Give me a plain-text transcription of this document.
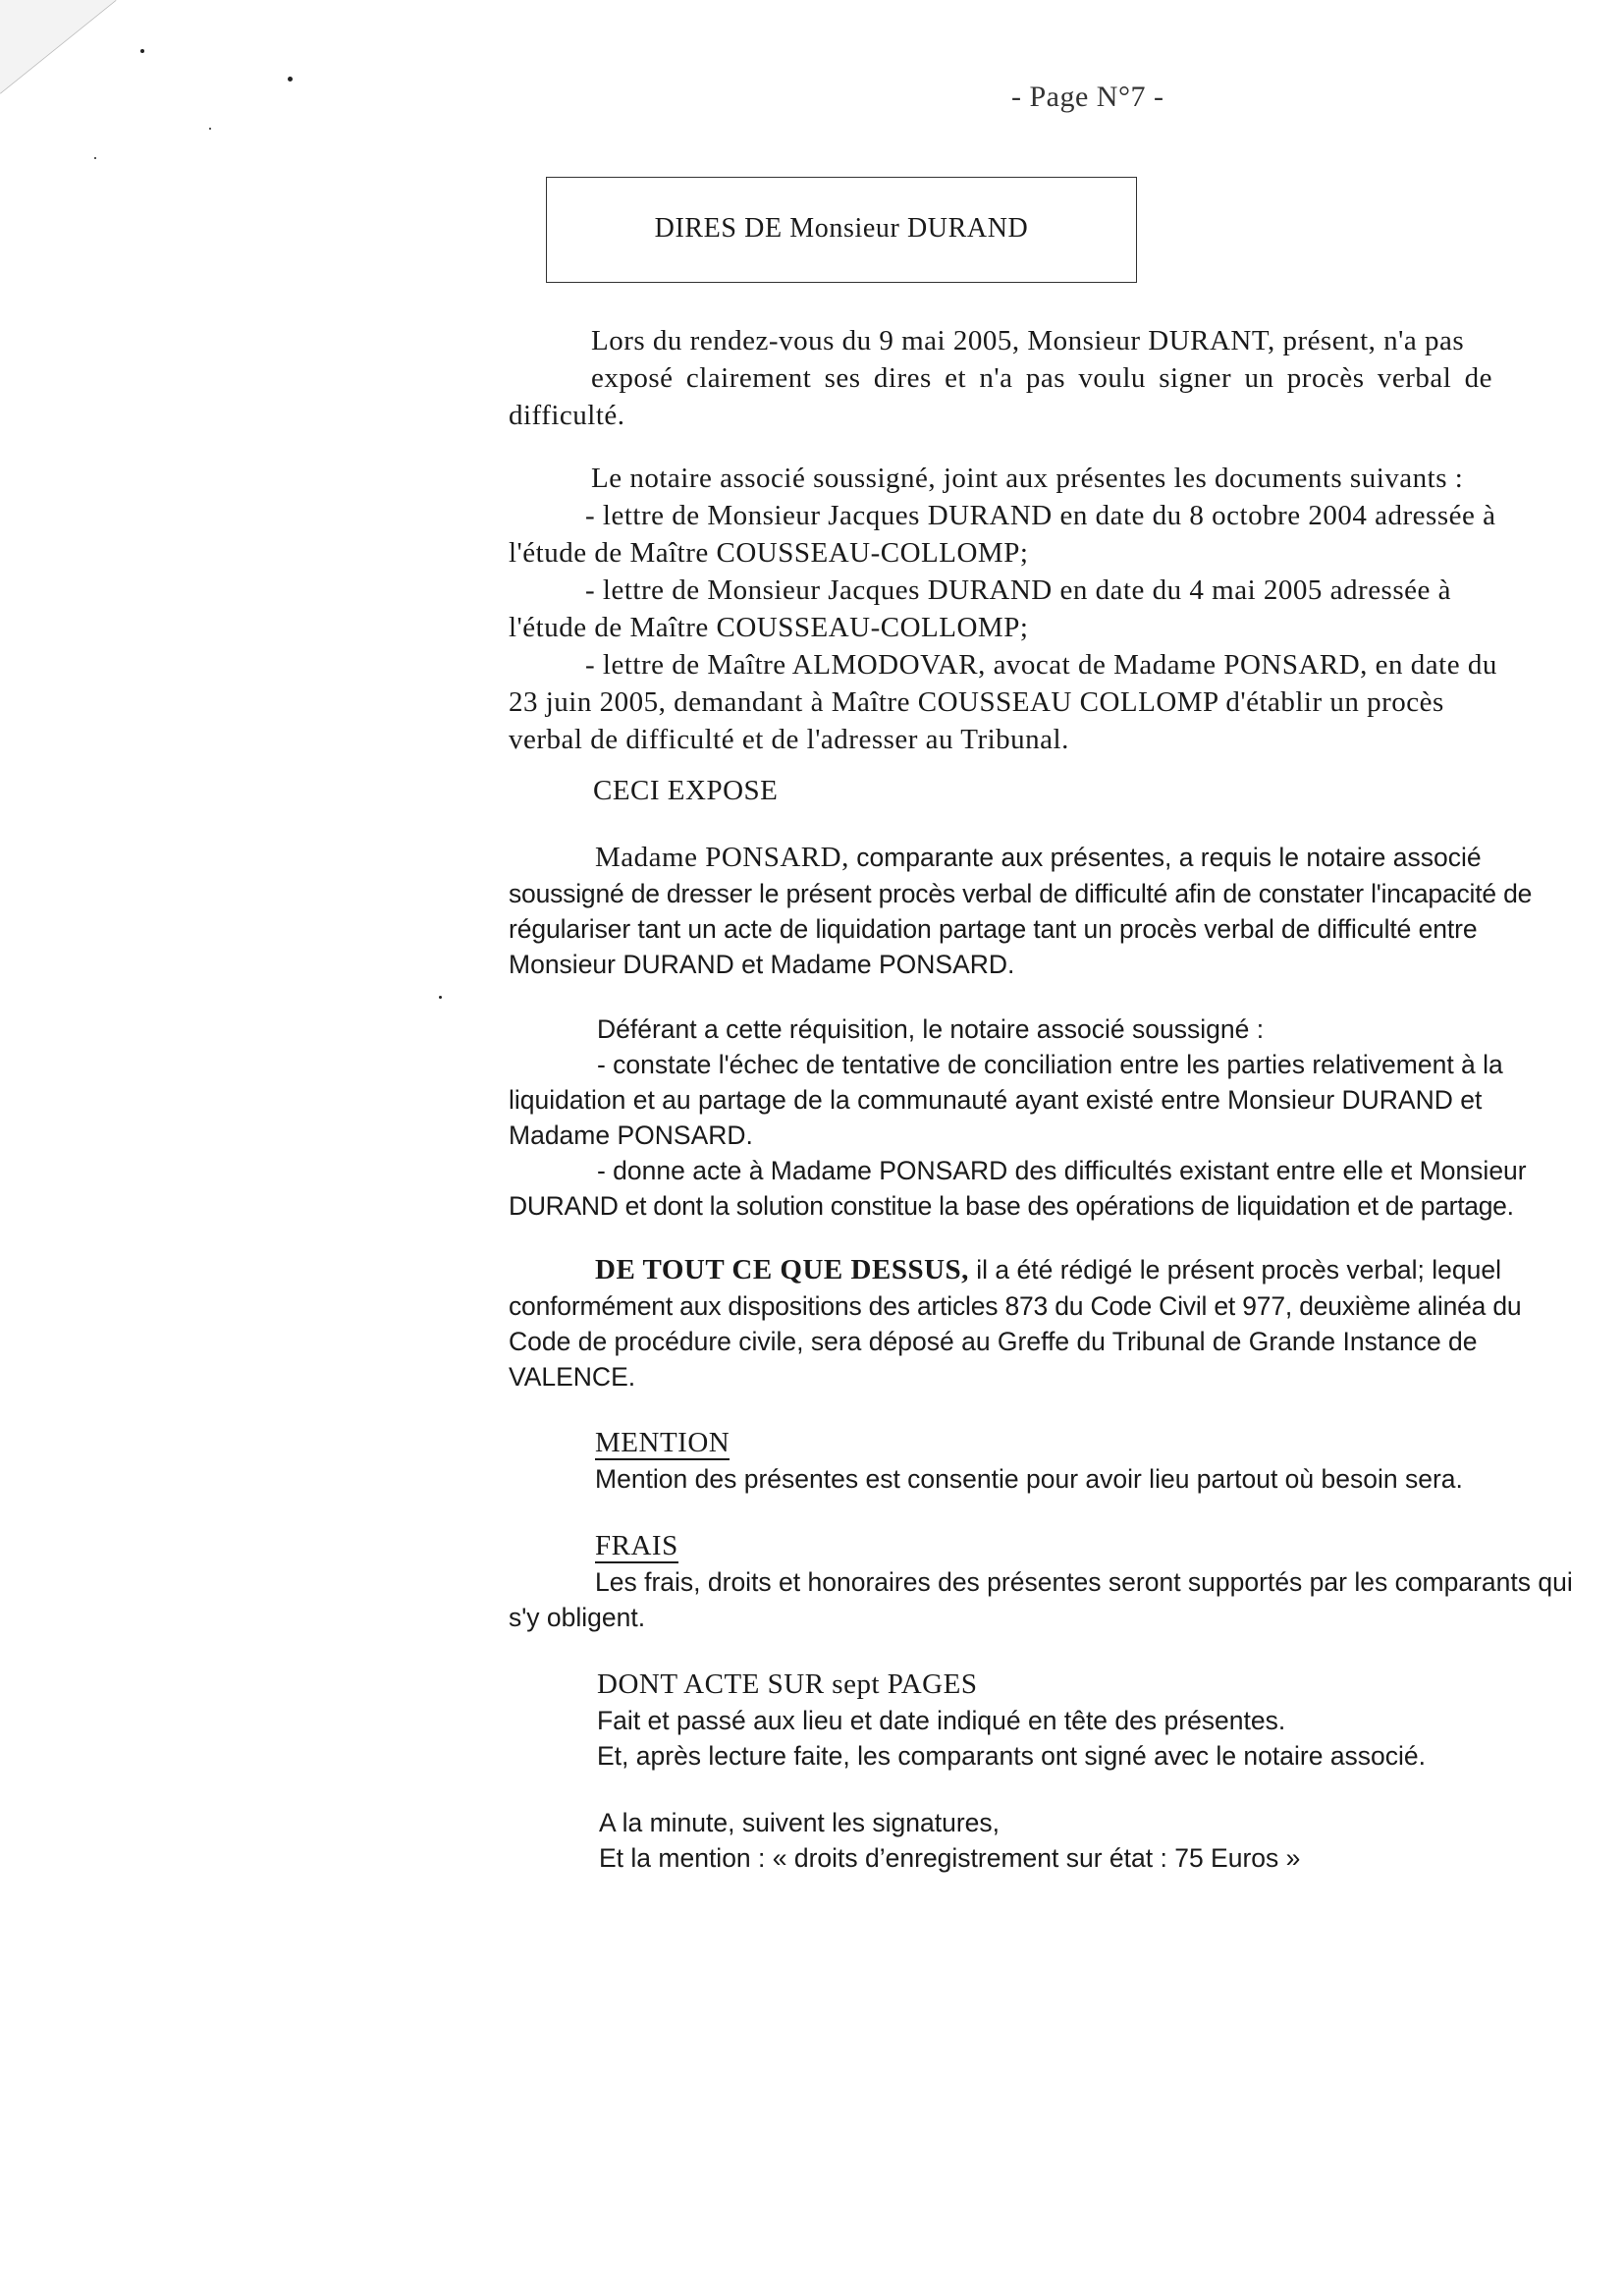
- Page N°7 -
DIRES DE Monsieur DURAND
Lors du rendez-vous du 9 mai 2005, Monsieur DURANT, présent, n'a pas
exposé clairement ses dires et n'a pas voulu signer un procès verbal de
difficulté.
Le notaire associé soussigné, joint aux présentes les documents suivants :
- lettre de Monsieur Jacques DURAND en date du 8 octobre 2004 adressée à
l'étude de Maître COUSSEAU-COLLOMP;
- lettre de Monsieur Jacques DURAND en date du 4 mai 2005 adressée à
l'étude de Maître COUSSEAU-COLLOMP;
- lettre de Maître ALMODOVAR, avocat de Madame PONSARD, en date du
23 juin 2005, demandant à Maître COUSSEAU COLLOMP d'établir un procès
verbal de difficulté et de l'adresser au Tribunal.
CECI EXPOSE
Madame PONSARD, comparante aux présentes, a requis le notaire associé
soussigné de dresser le présent procès verbal de difficulté afin de constater l'incapacité de
régulariser tant un acte de liquidation partage tant un procès verbal de difficulté entre
Monsieur DURAND et Madame PONSARD.
Déférant a cette réquisition, le notaire associé soussigné :
- constate l'échec de tentative de conciliation entre les parties relativement à la
liquidation et au partage de la communauté ayant existé entre Monsieur DURAND et
Madame PONSARD.
- donne acte à Madame PONSARD des difficultés existant entre elle et Monsieur
DURAND et dont la solution constitue la base des opérations de liquidation et de partage.
DE TOUT CE QUE DESSUS, il a été rédigé le présent procès verbal; lequel
conformément aux dispositions des articles 873 du Code Civil et 977, deuxième alinéa du
Code de procédure civile, sera déposé au Greffe du Tribunal de Grande Instance de
VALENCE.
MENTION
Mention des présentes est consentie pour avoir lieu partout où besoin sera.
FRAIS
Les frais, droits et honoraires des présentes seront supportés par les comparants qui
s'y obligent.
DONT ACTE SUR sept PAGES
Fait et passé aux lieu et date indiqué en tête des présentes.
Et, après lecture faite, les comparants ont signé avec le notaire associé.
A la minute, suivent les signatures,
Et la mention : « droits d’enregistrement sur état : 75 Euros »
